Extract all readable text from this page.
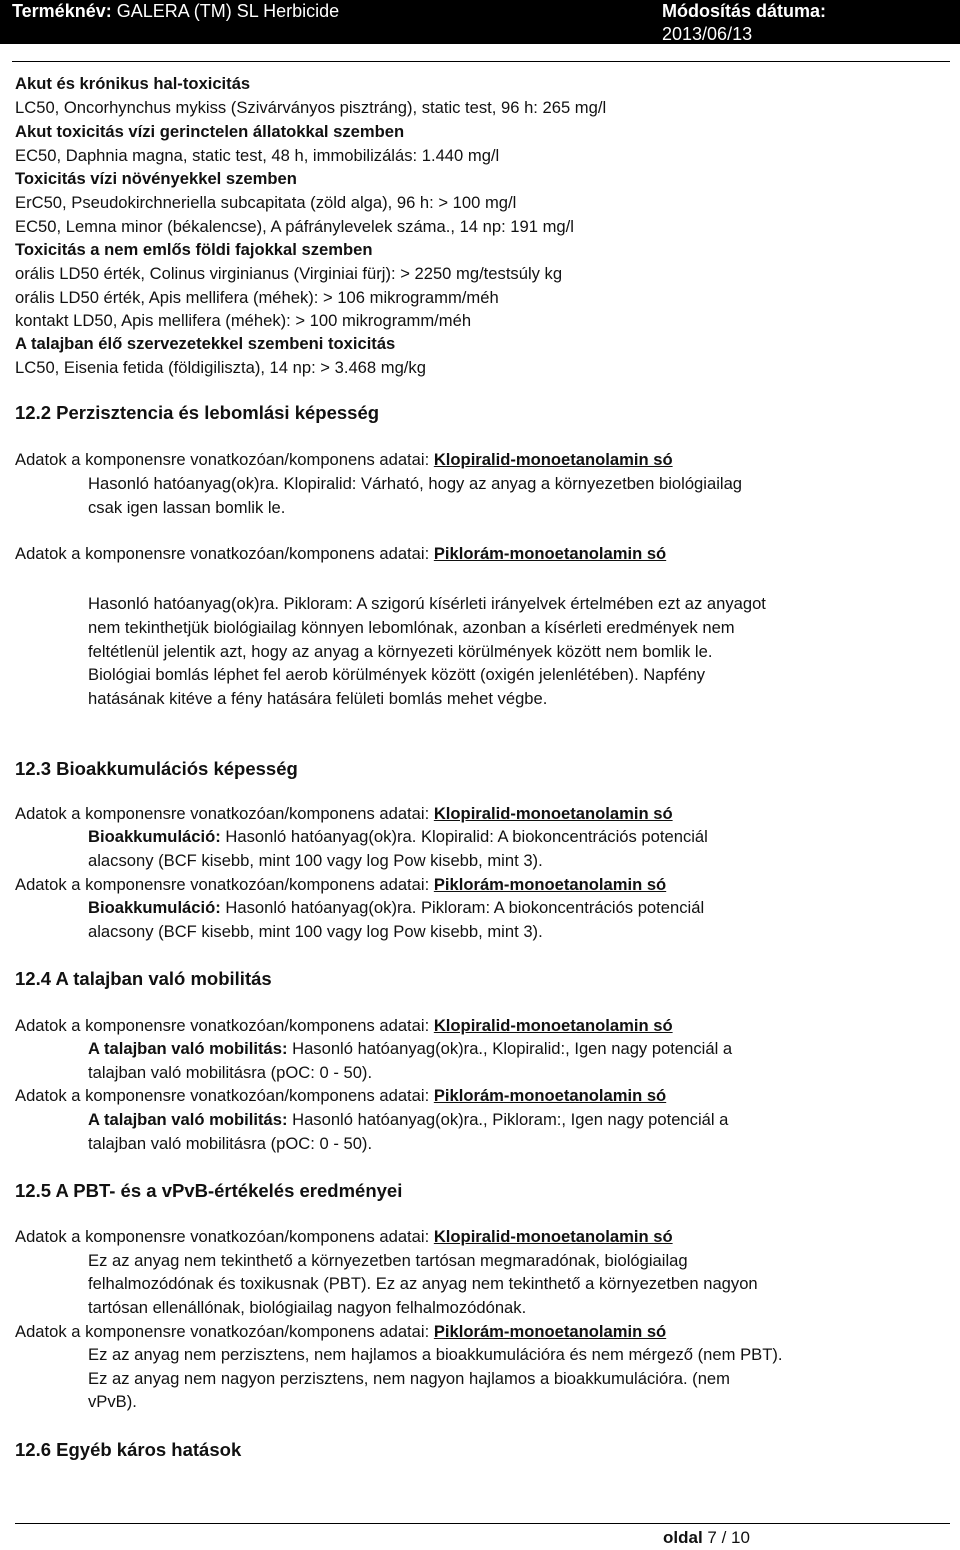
Terméknév: GALERA (TM) SL Herbicide	Módosítás dátuma:
2013/06/13
Akut és krónikus hal-toxicitás
LC50, Oncorhynchus mykiss (Szivárványos pisztráng), static test, 96 h: 265 mg/l
Akut toxicitás vízi gerinctelen állatokkal szemben
EC50, Daphnia magna, static test, 48 h, immobilizálás: 1.440 mg/l
Toxicitás vízi növényekkel szemben
ErC50, Pseudokirchneriella subcapitata (zöld alga), 96 h: > 100 mg/l
EC50, Lemna minor (békalencse), A páfránylevelek száma., 14 np: 191 mg/l
Toxicitás a nem emlős földi fajokkal szemben
orális LD50 érték, Colinus virginianus (Virginiai fürj): > 2250 mg/testsúly kg
orális LD50 érték, Apis mellifera (méhek): > 106 mikrogramm/méh
kontakt LD50, Apis mellifera (méhek): > 100 mikrogramm/méh
A talajban élő szervezetekkel szembeni toxicitás
LC50, Eisenia fetida (földigiliszta), 14 np: > 3.468 mg/kg
12.2 Perzisztencia és lebomlási képesség
Adatok a komponensre vonatkozóan/komponens adatai: Klopiralid-monoetanolamin só
Hasonló hatóanyag(ok)ra. Klopiralid: Várható, hogy az anyag a környezetben biológiailag
csak igen lassan bomlik le.
Adatok a komponensre vonatkozóan/komponens adatai: Piklorám-monoetanolamin só
Hasonló hatóanyag(ok)ra. Pikloram: A szigorú kísérleti irányelvek értelmében ezt az anyagot
nem tekinthetjük biológiailag könnyen lebomlónak, azonban a kísérleti eredmények nem
feltétlenül jelentik azt, hogy az anyag a környezeti körülmények között nem bomlik le.
Biológiai bomlás léphet fel aerob körülmények között (oxigén jelenlétében). Napfény
hatásának kitéve a fény hatására felületi bomlás mehet végbe.
12.3 Bioakkumulációs képesség
Adatok a komponensre vonatkozóan/komponens adatai: Klopiralid-monoetanolamin só
Bioakkumuláció: Hasonló hatóanyag(ok)ra. Klopiralid: A biokoncentrációs potenciál
alacsony (BCF kisebb, mint 100 vagy log Pow kisebb, mint 3).
Adatok a komponensre vonatkozóan/komponens adatai: Piklorám-monoetanolamin só
Bioakkumuláció: Hasonló hatóanyag(ok)ra. Pikloram: A biokoncentrációs potenciál
alacsony (BCF kisebb, mint 100 vagy log Pow kisebb, mint 3).
12.4 A talajban való mobilitás
Adatok a komponensre vonatkozóan/komponens adatai: Klopiralid-monoetanolamin só
A talajban való mobilitás: Hasonló hatóanyag(ok)ra., Klopiralid:, Igen nagy potenciál a
talajban való mobilitásra (pOC: 0 - 50).
Adatok a komponensre vonatkozóan/komponens adatai: Piklorám-monoetanolamin só
A talajban való mobilitás: Hasonló hatóanyag(ok)ra., Pikloram:, Igen nagy potenciál a
talajban való mobilitásra (pOC: 0 - 50).
12.5 A PBT- és a vPvB-értékelés eredményei
Adatok a komponensre vonatkozóan/komponens adatai: Klopiralid-monoetanolamin só
Ez az anyag nem tekinthető a környezetben tartósan megmaradónak, biológiailag
felhalmozódónak és toxikusnak (PBT). Ez az anyag nem tekinthető a környezetben nagyon
tartósan ellenállónak, biológiailag nagyon felhalmozódónak.
Adatok a komponensre vonatkozóan/komponens adatai: Piklorám-monoetanolamin só
Ez az anyag nem perzisztens, nem hajlamos a bioakkumulációra és nem mérgező (nem PBT).
Ez az anyag nem nagyon perzisztens, nem nagyon hajlamos a bioakkumulációra. (nem
vPvB).
12.6 Egyéb káros hatások
oldal 7 / 10
